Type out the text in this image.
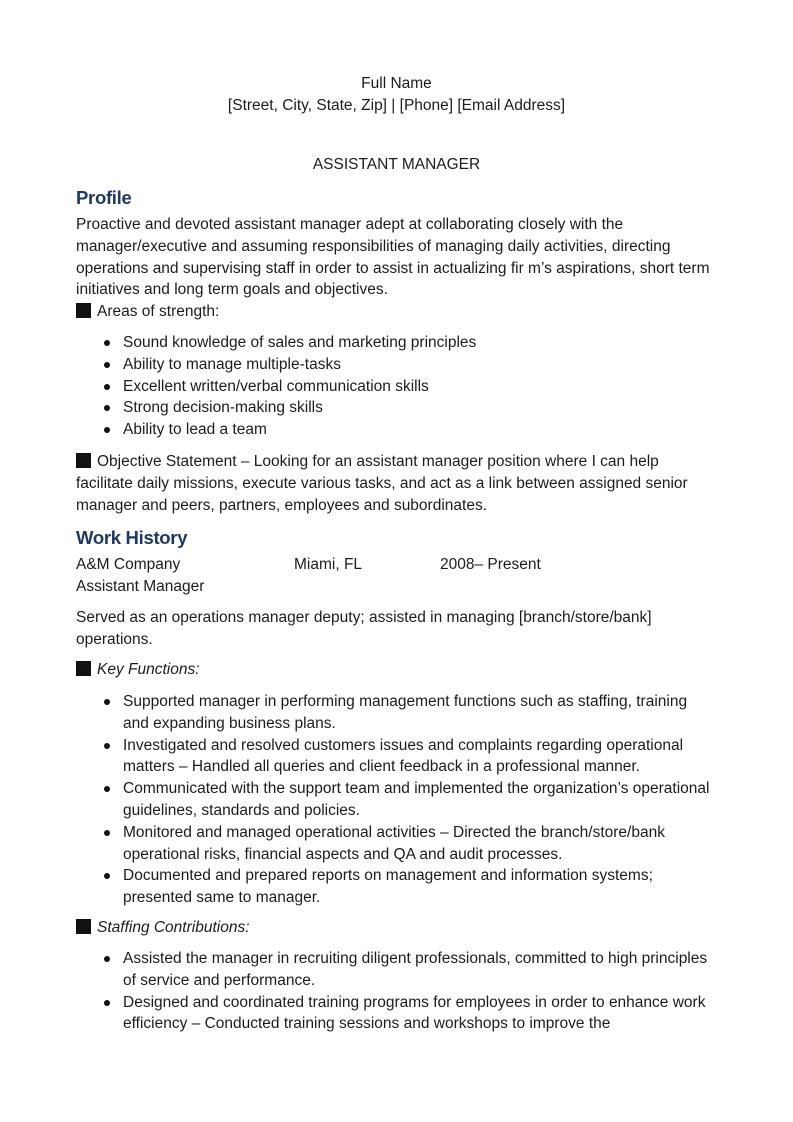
Full Name
[Street, City, State, Zip] | [Phone] [Email Address]
ASSISTANT MANAGER
Profile
Proactive and devoted assistant manager adept at collaborating closely with the manager/executive and assuming responsibilities of managing daily activities, directing operations and supervising staff in order to assist in actualizing fir m’s aspirations, short term initiatives and long term goals and objectives.
Areas of strength:
Sound knowledge of sales and marketing principles
Ability to manage multiple-tasks
Excellent written/verbal communication skills
Strong decision-making skills
Ability to lead a team
Objective Statement – Looking for an assistant manager position where I can help facilitate daily missions, execute various tasks, and act as a link between assigned senior manager and peers, partners, employees and subordinates.
Work History
A&M Company	Miami, FL	2008– Present
Assistant Manager
Served as an operations manager deputy; assisted in managing [branch/store/bank] operations.
Key Functions:
Supported manager in performing management functions such as staffing, training and expanding business plans.
Investigated and resolved customers issues and complaints regarding operational matters – Handled all queries and client feedback in a professional manner.
Communicated with the support team and implemented the organization’s operational guidelines, standards and policies.
Monitored and managed operational activities – Directed the branch/store/bank operational risks, financial aspects and QA and audit processes.
Documented and prepared reports on management and information systems; presented same to manager.
Staffing Contributions:
Assisted the manager in recruiting diligent professionals, committed to high principles of service and performance.
Designed and coordinated training programs for employees in order to enhance work efficiency – Conducted training sessions and workshops to improve the
